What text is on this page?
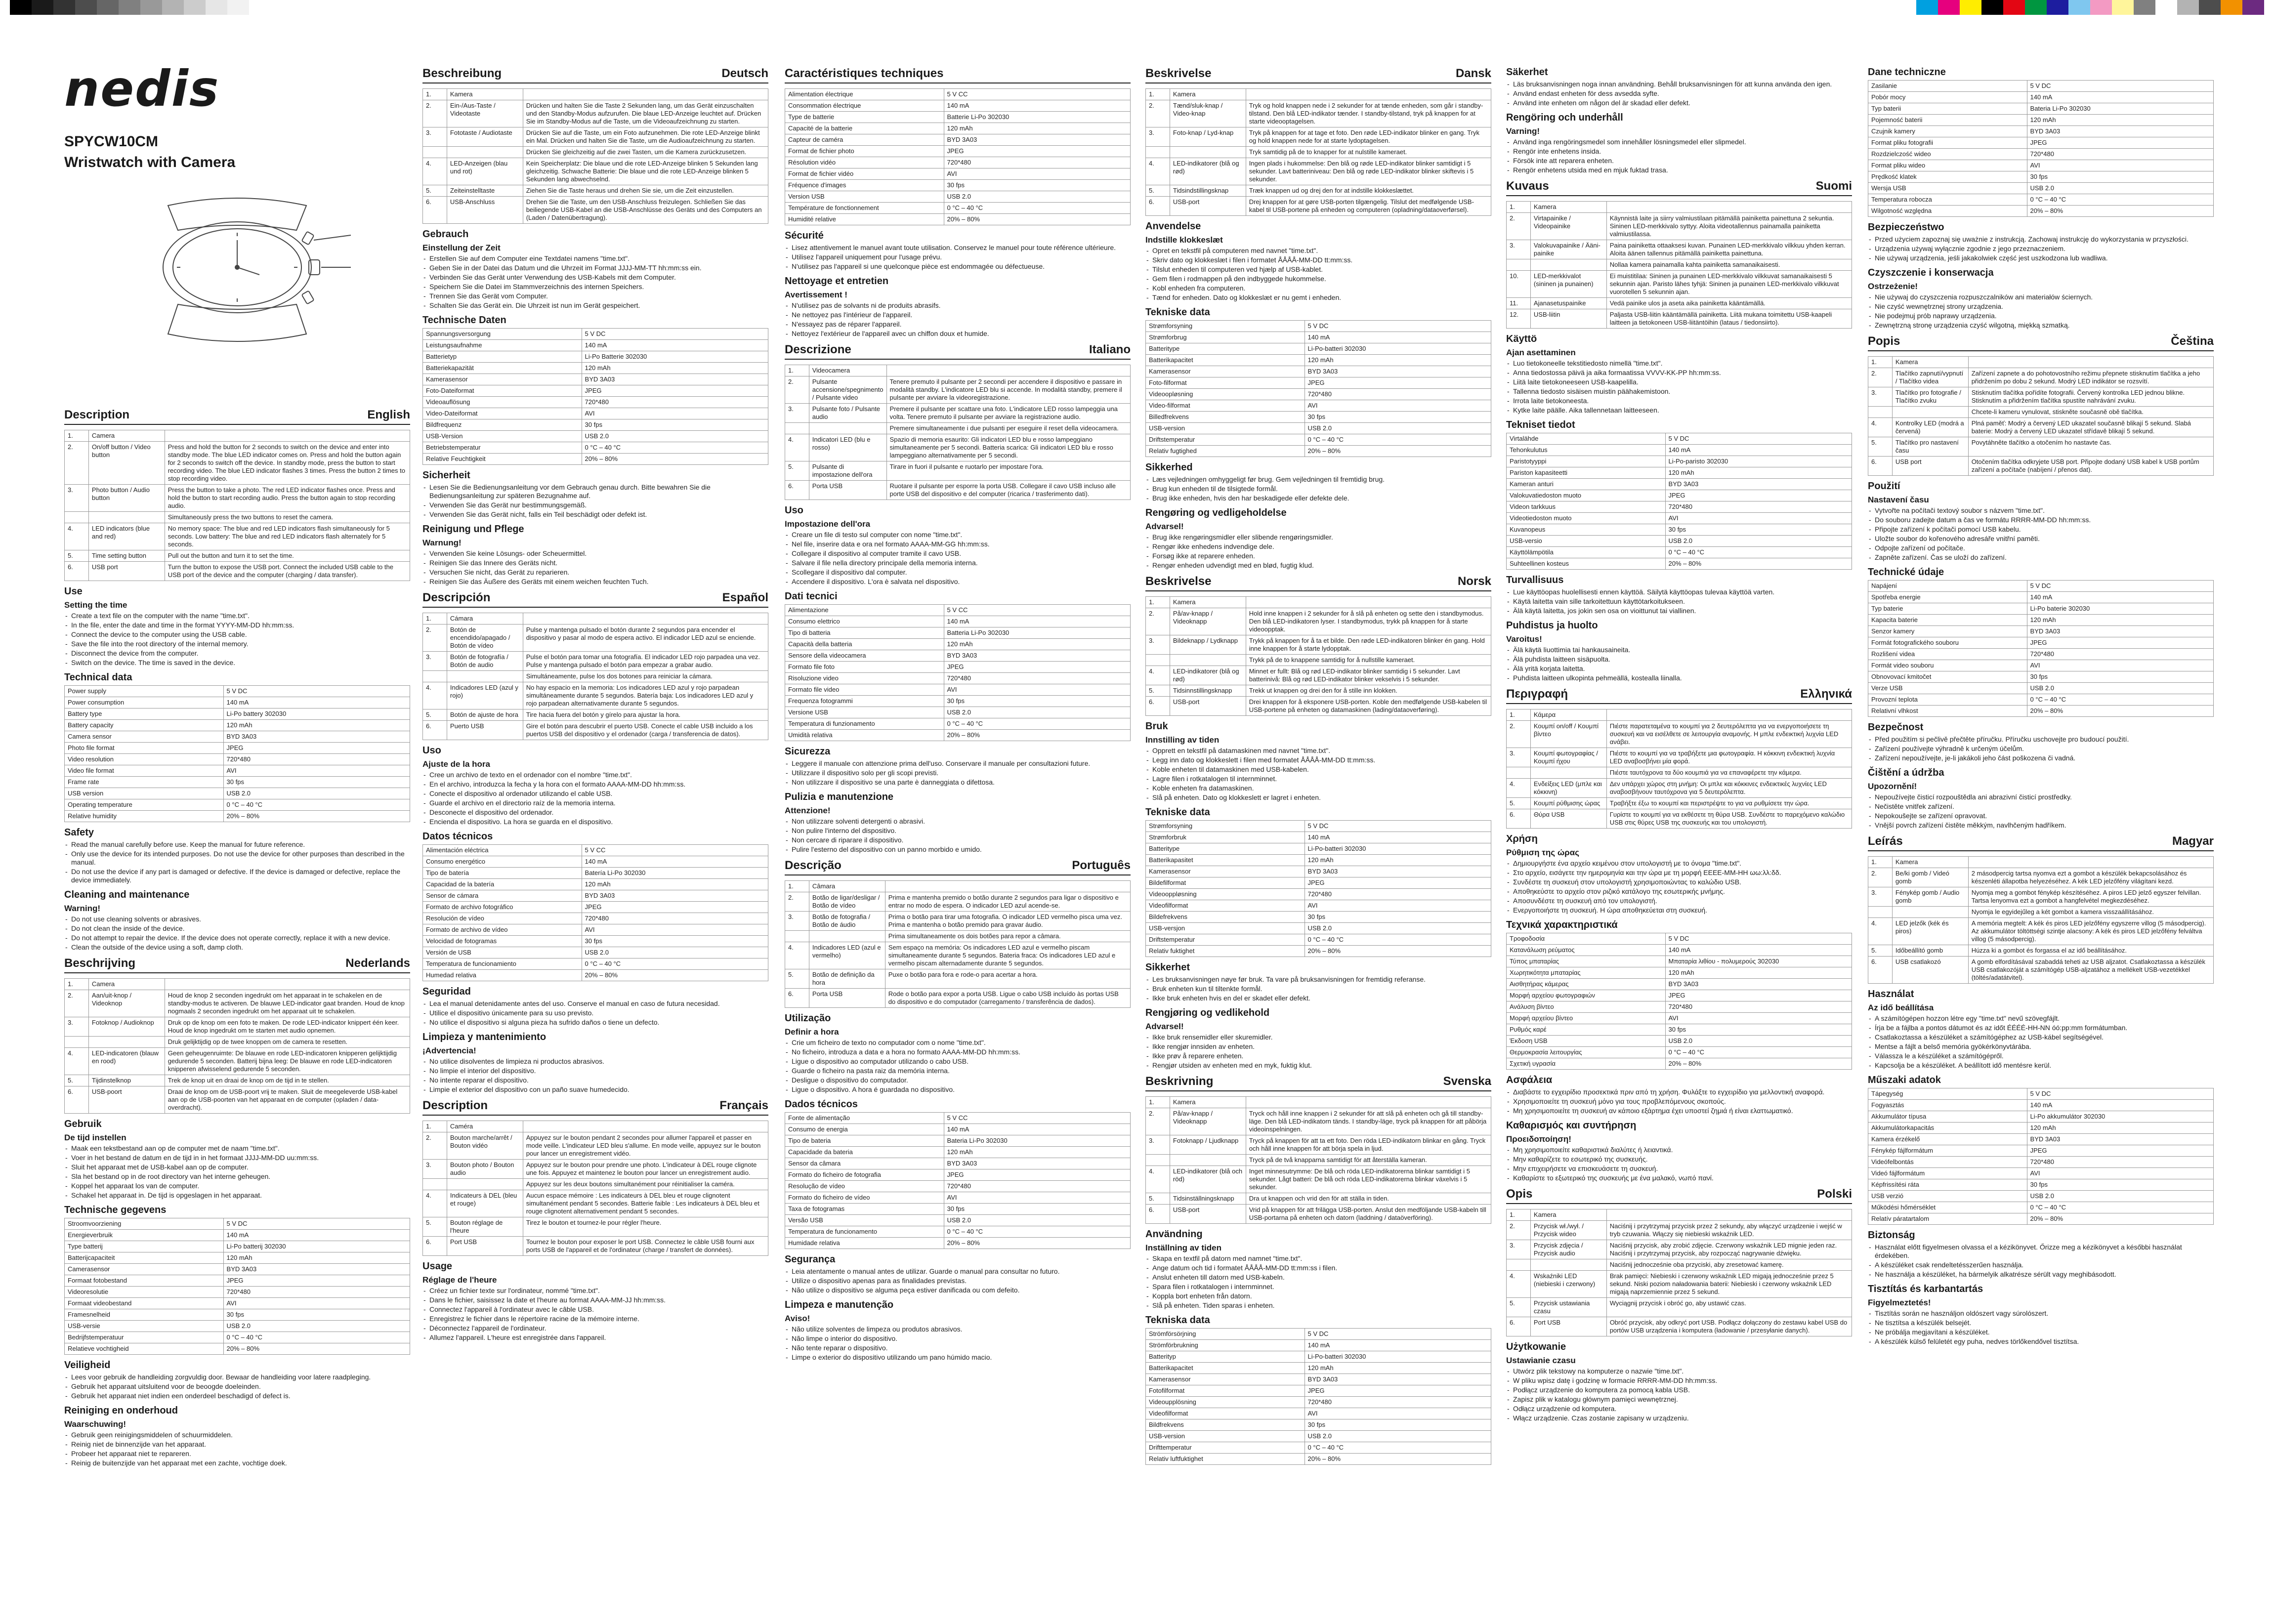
nedis
SPYCW10CM
Wristwatch with Camera
Description	English
1.	Camera	
2.	On/off button / Video button	Press and hold the button for 2 seconds to switch on the device and enter into standby mode. The blue LED indicator comes on. Press and hold the button again for 2 seconds to switch off the device. In standby mode, press the button to start recording video. The blue LED indicator flashes 3 times. Press the button 2 times to stop recording video.
3.	Photo button / Audio button	Press the button to take a photo. The red LED indicator flashes once. Press and hold the button to start recording audio. Press the button again to stop recording audio.
		Simultaneously press the two buttons to reset the camera.
4.	LED indicators (blue and red)	No memory space: The blue and red LED indicators flash simultaneously for 5 seconds. Low battery: The blue and red LED indicators flash alternately for 5 seconds.
5.	Time setting button	Pull out the button and turn it to set the time.
6.	USB port	Turn the button to expose the USB port. Connect the included USB cable to the USB port of the device and the computer (charging / data transfer).
Use
Setting the time
- Create a text file on the computer with the name "time.txt".
- In the file, enter the date and time in the format YYYY-MM-DD hh:mm:ss.
- Connect the device to the computer using the USB cable.
- Save the file into the root directory of the internal memory.
- Disconnect the device from the computer.
- Switch on the device. The time is saved in the device.
Technical data
Power supply	5 V DC
Power consumption	140 mA
Battery type	Li-Po battery 302030
Battery capacity	120 mAh
Camera sensor	BYD 3A03
Photo file format	JPEG
Video resolution	720*480
Video file format	AVI
Frame rate	30 fps
USB version	USB 2.0
Operating temperature	0 °C – 40 °C
Relative humidity	20% – 80%
Safety
- Read the manual carefully before use. Keep the manual for future reference.
- Only use the device for its intended purposes. Do not use the device for other purposes than described in the manual.
- Do not use the device if any part is damaged or defective. If the device is damaged or defective, replace the device immediately.
Cleaning and maintenance
Warning!
- Do not use cleaning solvents or abrasives.
- Do not clean the inside of the device.
- Do not attempt to repair the device. If the device does not operate correctly, replace it with a new device.
- Clean the outside of the device using a soft, damp cloth.
Beschrijving	Nederlands
1.	Camera	
2.	Aan/uit-knop / Videoknop	Houd de knop 2 seconden ingedrukt om het apparaat in te schakelen en de standby-modus te activeren. De blauwe LED-indicator gaat branden. Houd de knop nogmaals 2 seconden ingedrukt om het apparaat uit te schakelen.
3.	Fotoknop / Audioknop	Druk op de knop om een foto te maken. De rode LED-indicator knippert één keer. Houd de knop ingedrukt om te starten met audio opnemen.
		Druk gelijktijdig op de twee knoppen om de camera te resetten.
4.	LED-indicatoren (blauw en rood)	Geen geheugenruimte: De blauwe en rode LED-indicatoren knipperen gelijktijdig gedurende 5 seconden. Batterij bijna leeg: De blauwe en rode LED-indicatoren knipperen afwisselend gedurende 5 seconden.
5.	Tijdinstelknop	Trek de knop uit en draai de knop om de tijd in te stellen.
6.	USB-poort	Draai de knop om de USB-poort vrij te maken. Sluit de meegeleverde USB-kabel aan op de USB-poorten van het apparaat en de computer (opladen / data-overdracht).
Gebruik
De tijd instellen
- Maak een tekstbestand aan op de computer met de naam "time.txt".
- Voer in het bestand de datum en de tijd in in het formaat JJJJ-MM-DD uu:mm:ss.
- Sluit het apparaat met de USB-kabel aan op de computer.
- Sla het bestand op in de root directory van het interne geheugen.
- Koppel het apparaat los van de computer.
- Schakel het apparaat in. De tijd is opgeslagen in het apparaat.
Technische gegevens
Stroomvoorziening	5 V DC
Energieverbruik	140 mA
Type batterij	Li-Po batterij 302030
Batterijcapaciteit	120 mAh
Camerasensor	BYD 3A03
Formaat fotobestand	JPEG
Videoresolutie	720*480
Formaat videobestand	AVI
Framesnelheid	30 fps
USB-versie	USB 2.0
Bedrijfstemperatuur	0 °C – 40 °C
Relatieve vochtigheid	20% – 80%
Veiligheid
- Lees voor gebruik de handleiding zorgvuldig door. Bewaar de handleiding voor latere raadpleging.
- Gebruik het apparaat uitsluitend voor de beoogde doeleinden.
- Gebruik het apparaat niet indien een onderdeel beschadigd of defect is.
Reiniging en onderhoud
Waarschuwing!
- Gebruik geen reinigingsmiddelen of schuurmiddelen.
- Reinig niet de binnenzijde van het apparaat.
- Probeer het apparaat niet te repareren.
- Reinig de buitenzijde van het apparaat met een zachte, vochtige doek.
Beschreibung	Deutsch
1.	Kamera	
2.	Ein-/Aus-Taste / Videotaste	Drücken und halten Sie die Taste 2 Sekunden lang, um das Gerät einzuschalten und den Standby-Modus aufzurufen. Die blaue LED-Anzeige leuchtet auf. Drücken Sie im Standby-Modus auf die Taste, um die Videoaufzeichnung zu starten.
3.	Fototaste / Audiotaste	Drücken Sie auf die Taste, um ein Foto aufzunehmen. Die rote LED-Anzeige blinkt ein Mal. Drücken und halten Sie die Taste, um die Audioaufzeichnung zu starten.
		Drücken Sie gleichzeitig auf die zwei Tasten, um die Kamera zurückzusetzen.
4.	LED-Anzeigen (blau und rot)	Kein Speicherplatz: Die blaue und die rote LED-Anzeige blinken 5 Sekunden lang gleichzeitig. Schwache Batterie: Die blaue und die rote LED-Anzeige blinken 5 Sekunden lang abwechselnd.
5.	Zeiteinstelltaste	Ziehen Sie die Taste heraus und drehen Sie sie, um die Zeit einzustellen.
6.	USB-Anschluss	Drehen Sie die Taste, um den USB-Anschluss freizulegen. Schließen Sie das beiliegende USB-Kabel an die USB-Anschlüsse des Geräts und des Computers an (Laden / Datenübertragung).
Gebrauch
Einstellung der Zeit
- Erstellen Sie auf dem Computer eine Textdatei namens "time.txt".
- Geben Sie in der Datei das Datum und die Uhrzeit im Format JJJJ-MM-TT hh:mm:ss ein.
- Verbinden Sie das Gerät unter Verwendung des USB-Kabels mit dem Computer.
- Speichern Sie die Datei im Stammverzeichnis des internen Speichers.
- Trennen Sie das Gerät vom Computer.
- Schalten Sie das Gerät ein. Die Uhrzeit ist nun im Gerät gespeichert.
Technische Daten
Spannungsversorgung	5 V DC
Leistungsaufnahme	140 mA
Batterietyp	Li-Po Batterie 302030
Batteriekapazität	120 mAh
Kamerasensor	BYD 3A03
Foto-Dateiformat	JPEG
Videoauflösung	720*480
Video-Dateiformat	AVI
Bildfrequenz	30 fps
USB-Version	USB 2.0
Betriebstemperatur	0 °C – 40 °C
Relative Feuchtigkeit	20% – 80%
Sicherheit
- Lesen Sie die Bedienungsanleitung vor dem Gebrauch genau durch. Bitte bewahren Sie die Bedienungsanleitung zur späteren Bezugnahme auf.
- Verwenden Sie das Gerät nur bestimmungsgemäß.
- Verwenden Sie das Gerät nicht, falls ein Teil beschädigt oder defekt ist.
Reinigung und Pflege
Warnung!
- Verwenden Sie keine Lösungs- oder Scheuermittel.
- Reinigen Sie das Innere des Geräts nicht.
- Versuchen Sie nicht, das Gerät zu reparieren.
- Reinigen Sie das Äußere des Geräts mit einem weichen feuchten Tuch.
Descripción	Español
1.	Cámara	
2.	Botón de encendido/apagado / Botón de vídeo	Pulse y mantenga pulsado el botón durante 2 segundos para encender el dispositivo y pasar al modo de espera activo. El indicador LED azul se enciende.
3.	Botón de fotografía / Botón de audio	Pulse el botón para tomar una fotografía. El indicador LED rojo parpadea una vez. Pulse y mantenga pulsado el botón para empezar a grabar audio.
		Simultáneamente, pulse los dos botones para reiniciar la cámara.
4.	Indicadores LED (azul y rojo)	No hay espacio en la memoria: Los indicadores LED azul y rojo parpadean simultáneamente durante 5 segundos. Batería baja: Los indicadores LED azul y rojo parpadean alternativamente durante 5 segundos.
5.	Botón de ajuste de hora	Tire hacia fuera del botón y gírelo para ajustar la hora.
6.	Puerto USB	Gire el botón para descubrir el puerto USB. Conecte el cable USB incluido a los puertos USB del dispositivo y el ordenador (carga / transferencia de datos).
Uso
Ajuste de la hora
- Cree un archivo de texto en el ordenador con el nombre "time.txt".
- En el archivo, introduzca la fecha y la hora con el formato AAAA-MM-DD hh:mm:ss.
- Conecte el dispositivo al ordenador utilizando el cable USB.
- Guarde el archivo en el directorio raíz de la memoria interna.
- Desconecte el dispositivo del ordenador.
- Encienda el dispositivo. La hora se guarda en el dispositivo.
Datos técnicos
Alimentación eléctrica	5 V CC
Consumo energético	140 mA
Tipo de batería	Batería Li-Po 302030
Capacidad de la batería	120 mAh
Sensor de cámara	BYD 3A03
Formato de archivo fotográfico	JPEG
Resolución de vídeo	720*480
Formato de archivo de vídeo	AVI
Velocidad de fotogramas	30 fps
Versión de USB	USB 2.0
Temperatura de funcionamiento	0 °C – 40 °C
Humedad relativa	20% – 80%
Seguridad
- Lea el manual detenidamente antes del uso. Conserve el manual en caso de futura necesidad.
- Utilice el dispositivo únicamente para su uso previsto.
- No utilice el dispositivo si alguna pieza ha sufrido daños o tiene un defecto.
Limpieza y mantenimiento
¡Advertencia!
- No utilice disolventes de limpieza ni productos abrasivos.
- No limpie el interior del dispositivo.
- No intente reparar el dispositivo.
- Limpie el exterior del dispositivo con un paño suave humedecido.
Description	Français
1.	Caméra	
2.	Bouton marche/arrêt / Bouton vidéo	Appuyez sur le bouton pendant 2 secondes pour allumer l'appareil et passer en mode veille. L'indicateur LED bleu s'allume. En mode veille, appuyez sur le bouton pour lancer un enregistrement vidéo.
3.	Bouton photo / Bouton audio	Appuyez sur le bouton pour prendre une photo. L'indicateur à DEL rouge clignote une fois. Appuyez et maintenez le bouton pour lancer un enregistrement audio.
		Appuyez sur les deux boutons simultanément pour réinitialiser la caméra.
4.	Indicateurs à DEL (bleu et rouge)	Aucun espace mémoire : Les indicateurs à DEL bleu et rouge clignotent simultanément pendant 5 secondes. Batterie faible : Les indicateurs à DEL bleu et rouge clignotent alternativement pendant 5 secondes.
5.	Bouton réglage de l'heure	Tirez le bouton et tournez-le pour régler l'heure.
6.	Port USB	Tournez le bouton pour exposer le port USB. Connectez le câble USB fourni aux ports USB de l'appareil et de l'ordinateur (charge / transfert de données).
Usage
Réglage de l'heure
- Créez un fichier texte sur l'ordinateur, nommé "time.txt".
- Dans le fichier, saisissez la date et l'heure au format AAAA-MM-JJ hh:mm:ss.
- Connectez l'appareil à l'ordinateur avec le câble USB.
- Enregistrez le fichier dans le répertoire racine de la mémoire interne.
- Déconnectez l'appareil de l'ordinateur.
- Allumez l'appareil. L'heure est enregistrée dans l'appareil.
Caractéristiques techniques
Alimentation électrique	5 V CC
Consommation électrique	140 mA
Type de batterie	Batterie Li-Po 302030
Capacité de la batterie	120 mAh
Capteur de caméra	BYD 3A03
Format de fichier photo	JPEG
Résolution vidéo	720*480
Format de fichier vidéo	AVI
Fréquence d'images	30 fps
Version USB	USB 2.0
Température de fonctionnement	0 °C – 40 °C
Humidité relative	20% – 80%
Sécurité
- Lisez attentivement le manuel avant toute utilisation. Conservez le manuel pour toute référence ultérieure.
- Utilisez l'appareil uniquement pour l'usage prévu.
- N'utilisez pas l'appareil si une quelconque pièce est endommagée ou défectueuse.
Nettoyage et entretien
Avertissement !
- N'utilisez pas de solvants ni de produits abrasifs.
- Ne nettoyez pas l'intérieur de l'appareil.
- N'essayez pas de réparer l'appareil.
- Nettoyez l'extérieur de l'appareil avec un chiffon doux et humide.
Descrizione	Italiano
1.	Videocamera	
2.	Pulsante accensione/spegnimento / Pulsante video	Tenere premuto il pulsante per 2 secondi per accendere il dispositivo e passare in modalità standby. L'indicatore LED blu si accende. In modalità standby, premere il pulsante per avviare la videoregistrazione.
3.	Pulsante foto / Pulsante audio	Premere il pulsante per scattare una foto. L'indicatore LED rosso lampeggia una volta. Tenere premuto il pulsante per avviare la registrazione audio.
		Premere simultaneamente i due pulsanti per eseguire il reset della videocamera.
4.	Indicatori LED (blu e rosso)	Spazio di memoria esaurito: Gli indicatori LED blu e rosso lampeggiano simultaneamente per 5 secondi. Batteria scarica: Gli indicatori LED blu e rosso lampeggiano alternativamente per 5 secondi.
5.	Pulsante di impostazione dell'ora	Tirare in fuori il pulsante e ruotarlo per impostare l'ora.
6.	Porta USB	Ruotare il pulsante per esporre la porta USB. Collegare il cavo USB incluso alle porte USB del dispositivo e del computer (ricarica / trasferimento dati).
Uso
Impostazione dell'ora
- Creare un file di testo sul computer con nome "time.txt".
- Nel file, inserire data e ora nel formato AAAA-MM-GG hh:mm:ss.
- Collegare il dispositivo al computer tramite il cavo USB.
- Salvare il file nella directory principale della memoria interna.
- Scollegare il dispositivo dal computer.
- Accendere il dispositivo. L'ora è salvata nel dispositivo.
Dati tecnici
Alimentazione	5 V CC
Consumo elettrico	140 mA
Tipo di batteria	Batteria Li-Po 302030
Capacità della batteria	120 mAh
Sensore della videocamera	BYD 3A03
Formato file foto	JPEG
Risoluzione video	720*480
Formato file video	AVI
Frequenza fotogrammi	30 fps
Versione USB	USB 2.0
Temperatura di funzionamento	0 °C – 40 °C
Umidità relativa	20% – 80%
Sicurezza
- Leggere il manuale con attenzione prima dell'uso. Conservare il manuale per consultazioni future.
- Utilizzare il dispositivo solo per gli scopi previsti.
- Non utilizzare il dispositivo se una parte è danneggiata o difettosa.
Pulizia e manutenzione
Attenzione!
- Non utilizzare solventi detergenti o abrasivi.
- Non pulire l'interno del dispositivo.
- Non cercare di riparare il dispositivo.
- Pulire l'esterno del dispositivo con un panno morbido e umido.
Descrição	Português
1.	Câmara	
2.	Botão de ligar/desligar / Botão de vídeo	Prima e mantenha premido o botão durante 2 segundos para ligar o dispositivo e entrar no modo de espera. O indicador LED azul acende-se.
3.	Botão de fotografia / Botão de áudio	Prima o botão para tirar uma fotografia. O indicador LED vermelho pisca uma vez. Prima e mantenha o botão premido para gravar áudio.
		Prima simultaneamente os dois botões para repor a câmara.
4.	Indicadores LED (azul e vermelho)	Sem espaço na memória: Os indicadores LED azul e vermelho piscam simultaneamente durante 5 segundos. Bateria fraca: Os indicadores LED azul e vermelho piscam alternadamente durante 5 segundos.
5.	Botão de definição da hora	Puxe o botão para fora e rode-o para acertar a hora.
6.	Porta USB	Rode o botão para expor a porta USB. Ligue o cabo USB incluído às portas USB do dispositivo e do computador (carregamento / transferência de dados).
Utilização
Definir a hora
- Crie um ficheiro de texto no computador com o nome "time.txt".
- No ficheiro, introduza a data e a hora no formato AAAA-MM-DD hh:mm:ss.
- Ligue o dispositivo ao computador utilizando o cabo USB.
- Guarde o ficheiro na pasta raiz da memória interna.
- Desligue o dispositivo do computador.
- Ligue o dispositivo. A hora é guardada no dispositivo.
Dados técnicos
Fonte de alimentação	5 V CC
Consumo de energia	140 mA
Tipo de bateria	Bateria Li-Po 302030
Capacidade da bateria	120 mAh
Sensor da câmara	BYD 3A03
Formato do ficheiro de fotografia	JPEG
Resolução de vídeo	720*480
Formato do ficheiro de vídeo	AVI
Taxa de fotogramas	30 fps
Versão USB	USB 2.0
Temperatura de funcionamento	0 °C – 40 °C
Humidade relativa	20% – 80%
Segurança
- Leia atentamente o manual antes de utilizar. Guarde o manual para consultar no futuro.
- Utilize o dispositivo apenas para as finalidades previstas.
- Não utilize o dispositivo se alguma peça estiver danificada ou com defeito.
Limpeza e manutenção
Aviso!
- Não utilize solventes de limpeza ou produtos abrasivos.
- Não limpe o interior do dispositivo.
- Não tente reparar o dispositivo.
- Limpe o exterior do dispositivo utilizando um pano húmido macio.
Beskrivelse	Dansk
1.	Kamera	
2.	Tænd/sluk-knap / Video-knap	Tryk og hold knappen nede i 2 sekunder for at tænde enheden, som går i standby-tilstand. Den blå LED-indikator tænder. I standby-tilstand, tryk på knappen for at starte videooptagelsen.
3.	Foto-knap / Lyd-knap	Tryk på knappen for at tage et foto. Den røde LED-indikator blinker en gang. Tryk og hold knappen nede for at starte lydoptagelsen.
		Tryk samtidig på de to knapper for at nulstille kameraet.
4.	LED-indikatorer (blå og rød)	Ingen plads i hukommelse: Den blå og røde LED-indikator blinker samtidigt i 5 sekunder. Lavt batteriniveau: Den blå og røde LED-indikator blinker skiftevis i 5 sekunder.
5.	Tidsindstillingsknap	Træk knappen ud og drej den for at indstille klokkeslættet.
6.	USB-port	Drej knappen for at gøre USB-porten tilgængelig. Tilslut det medfølgende USB-kabel til USB-portene på enheden og computeren (opladning/dataoverførsel).
Anvendelse
Indstille klokkeslæt
- Opret en tekstfil på computeren med navnet "time.txt".
- Skriv dato og klokkeslæt i filen i formatet ÅÅÅÅ-MM-DD tt:mm:ss.
- Tilslut enheden til computeren ved hjælp af USB-kablet.
- Gem filen i rodmappen på den indbyggede hukommelse.
- Kobl enheden fra computeren.
- Tænd for enheden. Dato og klokkeslæt er nu gemt i enheden.
Tekniske data
Strømforsyning	5 V DC
Strømforbrug	140 mA
Batteritype	Li-Po-batteri 302030
Batterikapacitet	120 mAh
Kamerasensor	BYD 3A03
Foto-filformat	JPEG
Videoopløsning	720*480
Video-filformat	AVI
Billedfrekvens	30 fps
USB-version	USB 2.0
Driftstemperatur	0 °C – 40 °C
Relativ fugtighed	20% – 80%
Sikkerhed
- Læs vejledningen omhyggeligt før brug. Gem vejledningen til fremtidig brug.
- Brug kun enheden til de tilsigtede formål.
- Brug ikke enheden, hvis den har beskadigede eller defekte dele.
Rengøring og vedligeholdelse
Advarsel!
- Brug ikke rengøringsmidler eller slibende rengøringsmidler.
- Rengør ikke enhedens indvendige dele.
- Forsøg ikke at reparere enheden.
- Rengør enheden udvendigt med en blød, fugtig klud.
Beskrivelse	Norsk
1.	Kamera	
2.	På/av-knapp / Videoknapp	Hold inne knappen i 2 sekunder for å slå på enheten og sette den i standbymodus. Den blå LED-indikatoren lyser. I standbymodus, trykk på knappen for å starte videoopptak.
3.	Bildeknapp / Lydknapp	Trykk på knappen for å ta et bilde. Den røde LED-indikatoren blinker én gang. Hold inne knappen for å starte lydopptak.
		Trykk på de to knappene samtidig for å nullstille kameraet.
4.	LED-indikatorer (blå og rød)	Minnet er fullt: Blå og rød LED-indikator blinker samtidig i 5 sekunder. Lavt batterinivå: Blå og rød LED-indikator blinker vekselvis i 5 sekunder.
5.	Tidsinnstillingsknapp	Trekk ut knappen og drei den for å stille inn klokken.
6.	USB-port	Drei knappen for å eksponere USB-porten. Koble den medfølgende USB-kabelen til USB-portene på enheten og datamaskinen (lading/dataoverføring).
Bruk
Innstilling av tiden
- Opprett en tekstfil på datamaskinen med navnet "time.txt".
- Legg inn dato og klokkeslett i filen med formatet ÅÅÅÅ-MM-DD tt:mm:ss.
- Koble enheten til datamaskinen med USB-kabelen.
- Lagre filen i rotkatalogen til internminnet.
- Koble enheten fra datamaskinen.
- Slå på enheten. Dato og klokkeslett er lagret i enheten.
Tekniske data
Strømforsyning	5 V DC
Strømforbruk	140 mA
Batteritype	Li-Po-batteri 302030
Batterikapasitet	120 mAh
Kamerasensor	BYD 3A03
Bildefilformat	JPEG
Videooppløsning	720*480
Videofilformat	AVI
Bildefrekvens	30 fps
USB-versjon	USB 2.0
Driftstemperatur	0 °C – 40 °C
Relativ fuktighet	20% – 80%
Sikkerhet
- Les bruksanvisningen nøye før bruk. Ta vare på bruksanvisningen for fremtidig referanse.
- Bruk enheten kun til tiltenkte formål.
- Ikke bruk enheten hvis en del er skadet eller defekt.
Rengjøring og vedlikehold
Advarsel!
- Ikke bruk rensemidler eller skuremidler.
- Ikke rengjør innsiden av enheten.
- Ikke prøv å reparere enheten.
- Rengjør utsiden av enheten med en myk, fuktig klut.
Beskrivning	Svenska
1.	Kamera	
2.	På/av-knapp / Videoknapp	Tryck och håll inne knappen i 2 sekunder för att slå på enheten och gå till standby-läge. Den blå LED-indikatorn tänds. I standby-läge, tryck på knappen för att påbörja videoinspelningen.
3.	Fotoknapp / Ljudknapp	Tryck på knappen för att ta ett foto. Den röda LED-indikatorn blinkar en gång. Tryck och håll inne knappen för att börja spela in ljud.
		Tryck på de två knapparna samtidigt för att återställa kameran.
4.	LED-indikatorer (blå och röd)	Inget minnesutrymme: De blå och röda LED-indikatorerna blinkar samtidigt i 5 sekunder. Lågt batteri: De blå och röda LED-indikatorerna blinkar växelvis i 5 sekunder.
5.	Tidsinställningsknapp	Dra ut knappen och vrid den för att ställa in tiden.
6.	USB-port	Vrid på knappen för att frilägga USB-porten. Anslut den medföljande USB-kabeln till USB-portarna på enheten och datorn (laddning / dataöverföring).
Användning
Inställning av tiden
- Skapa en textfil på datorn med namnet "time.txt".
- Ange datum och tid i formatet ÅÅÅÅ-MM-DD tt:mm:ss i filen.
- Anslut enheten till datorn med USB-kabeln.
- Spara filen i rotkatalogen i internminnet.
- Koppla bort enheten från datorn.
- Slå på enheten. Tiden sparas i enheten.
Tekniska data
Strömförsörjning	5 V DC
Strömförbrukning	140 mA
Batterityp	Li-Po-batteri 302030
Batterikapacitet	120 mAh
Kamerasensor	BYD 3A03
Fotofilformat	JPEG
Videoupplösning	720*480
Videofilformat	AVI
Bildfrekvens	30 fps
USB-version	USB 2.0
Drifttemperatur	0 °C – 40 °C
Relativ luftfuktighet	20% – 80%
Säkerhet
- Läs bruksanvisningen noga innan användning. Behåll bruksanvisningen för att kunna använda den igen.
- Använd endast enheten för dess avsedda syfte.
- Använd inte enheten om någon del är skadad eller defekt.
Rengöring och underhåll
Varning!
- Använd inga rengöringsmedel som innehåller lösningsmedel eller slipmedel.
- Rengör inte enhetens insida.
- Försök inte att reparera enheten.
- Rengör enhetens utsida med en mjuk fuktad trasa.
Kuvaus	Suomi
1.	Kamera	
2.	Virtapainike / Videopainike	Käynnistä laite ja siirry valmiustilaan pitämällä painiketta painettuna 2 sekuntia. Sininen LED-merkkivalo syttyy. Aloita videotallennus painamalla painiketta valmiustilassa.
3.	Valokuvapainike / Äänipainike	Paina painiketta ottaaksesi kuvan. Punainen LED-merkkivalo vilkkuu yhden kerran. Aloita äänen tallennus pitämällä painiketta painettuna.
		Nollaa kamera painamalla kahta painiketta samanaikaisesti.
10.	LED-merkkivalot (sininen ja punainen)	Ei muistitilaa: Sininen ja punainen LED-merkkivalo vilkkuvat samanaikaisesti 5 sekunnin ajan. Paristo lähes tyhjä: Sininen ja punainen LED-merkkivalo vilkkuvat vuorotellen 5 sekunnin ajan.
11.	Ajanasetuspainike	Vedä painike ulos ja aseta aika painiketta kääntämällä.
12.	USB-liitin	Paljasta USB-liitin kääntämällä painiketta. Liitä mukana toimitettu USB-kaapeli laitteen ja tietokoneen USB-liitäntöihin (lataus / tiedonsiirto).
Käyttö
Ajan asettaminen
- Luo tietokoneelle tekstitiedosto nimellä "time.txt".
- Anna tiedostossa päivä ja aika formaatissa VVVV-KK-PP hh:mm:ss.
- Liitä laite tietokoneeseen USB-kaapelilla.
- Tallenna tiedosto sisäisen muistin päähakemistoon.
- Irrota laite tietokoneesta.
- Kytke laite päälle. Aika tallennetaan laitteeseen.
Tekniset tiedot
Virtalähde	5 V DC
Tehonkulutus	140 mA
Paristotyyppi	Li-Po-paristo 302030
Pariston kapasiteetti	120 mAh
Kameran anturi	BYD 3A03
Valokuvatiedoston muoto	JPEG
Videon tarkkuus	720*480
Videotiedoston muoto	AVI
Kuvanopeus	30 fps
USB-versio	USB 2.0
Käyttölämpötila	0 °C – 40 °C
Suhteellinen kosteus	20% – 80%
Turvallisuus
- Lue käyttöopas huolellisesti ennen käyttöä. Säilytä käyttöopas tulevaa käyttöä varten.
- Käytä laitetta vain sille tarkoitettuun käyttötarkoitukseen.
- Älä käytä laitetta, jos jokin sen osa on vioittunut tai viallinen.
Puhdistus ja huolto
Varoitus!
- Älä käytä liuottimia tai hankausaineita.
- Älä puhdista laitteen sisäpuolta.
- Älä yritä korjata laitetta.
- Puhdista laitteen ulkopinta pehmeällä, kostealla liinalla.
Περιγραφή	Ελληνικά
1.	Κάμερα	
2.	Κουμπί on/off / Κουμπί βίντεο	Πιέστε παρατεταμένα το κουμπί για 2 δευτερόλεπτα για να ενεργοποιήσετε τη συσκευή και να εισέλθετε σε λειτουργία αναμονής. Η μπλε ενδεικτική λυχνία LED ανάβει.
3.	Κουμπί φωτογραφίας / Κουμπί ήχου	Πιέστε το κουμπί για να τραβήξετε μια φωτογραφία. Η κόκκινη ενδεικτική λυχνία LED αναβοσβήνει μία φορά.
		Πιέστε ταυτόχρονα τα δύο κουμπιά για να επαναφέρετε την κάμερα.
4.	Ενδείξεις LED (μπλε και κόκκινη)	Δεν υπάρχει χώρος στη μνήμη: Οι μπλε και κόκκινες ενδεικτικές λυχνίες LED αναβοσβήνουν ταυτόχρονα για 5 δευτερόλεπτα.
5.	Κουμπί ρύθμισης ώρας	Τραβήξτε έξω το κουμπί και περιστρέψτε το για να ρυθμίσετε την ώρα.
6.	Θύρα USB	Γυρίστε το κουμπί για να εκθέσετε τη θύρα USB. Συνδέστε το παρεχόμενο καλώδιο USB στις θύρες USB της συσκευής και του υπολογιστή.
Χρήση
Ρύθμιση της ώρας
- Δημιουργήστε ένα αρχείο κειμένου στον υπολογιστή με το όνομα "time.txt".
- Στο αρχείο, εισάγετε την ημερομηνία και την ώρα με τη μορφή ΕΕΕΕ-ΜΜ-ΗΗ ωω:λλ:δδ.
- Συνδέστε τη συσκευή στον υπολογιστή χρησιμοποιώντας το καλώδιο USB.
- Αποθηκεύστε το αρχείο στον ριζικό κατάλογο της εσωτερικής μνήμης.
- Αποσυνδέστε τη συσκευή από τον υπολογιστή.
- Ενεργοποιήστε τη συσκευή. Η ώρα αποθηκεύεται στη συσκευή.
Τεχνικά χαρακτηριστικά
Τροφοδοσία	5 V DC
Κατανάλωση ρεύματος	140 mA
Τύπος μπαταρίας	Μπαταρία λιθίου - πολυμερούς 302030
Χωρητικότητα μπαταρίας	120 mAh
Αισθητήρας κάμερας	BYD 3A03
Μορφή αρχείου φωτογραφιών	JPEG
Ανάλυση βίντεο	720*480
Μορφή αρχείου βίντεο	AVI
Ρυθμός καρέ	30 fps
Έκδοση USB	USB 2.0
Θερμοκρασία λειτουργίας	0 °C – 40 °C
Σχετική υγρασία	20% – 80%
Ασφάλεια
- Διαβάστε το εγχειρίδιο προσεκτικά πριν από τη χρήση. Φυλάξτε το εγχειρίδιο για μελλοντική αναφορά.
- Χρησιμοποιείτε τη συσκευή μόνο για τους προβλεπόμενους σκοπούς.
- Μη χρησιμοποιείτε τη συσκευή αν κάποιο εξάρτημα έχει υποστεί ζημιά ή είναι ελαττωματικό.
Καθαρισμός και συντήρηση
Προειδοποίηση!
- Μη χρησιμοποιείτε καθαριστικά διαλύτες ή λειαντικά.
- Μην καθαρίζετε το εσωτερικό της συσκευής.
- Μην επιχειρήσετε να επισκευάσετε τη συσκευή.
- Καθαρίστε το εξωτερικό της συσκευής με ένα μαλακό, νωπό πανί.
Opis	Polski
1.	Kamera	
2.	Przycisk wł./wył. / Przycisk wideo	Naciśnij i przytrzymaj przycisk przez 2 sekundy, aby włączyć urządzenie i wejść w tryb czuwania. Włączy się niebieski wskaźnik LED.
3.	Przycisk zdjęcia / Przycisk audio	Naciśnij przycisk, aby zrobić zdjęcie. Czerwony wskaźnik LED mignie jeden raz. Naciśnij i przytrzymaj przycisk, aby rozpocząć nagrywanie dźwięku.
		Naciśnij jednocześnie oba przyciski, aby zresetować kamerę.
4.	Wskaźniki LED (niebieski i czerwony)	Brak pamięci: Niebieski i czerwony wskaźnik LED migają jednocześnie przez 5 sekund. Niski poziom naładowania baterii: Niebieski i czerwony wskaźnik LED migają naprzemiennie przez 5 sekund.
5.	Przycisk ustawiania czasu	Wyciągnij przycisk i obróć go, aby ustawić czas.
6.	Port USB	Obróć przycisk, aby odkryć port USB. Podłącz dołączony do zestawu kabel USB do portów USB urządzenia i komputera (ładowanie / przesyłanie danych).
Użytkowanie
Ustawianie czasu
- Utwórz plik tekstowy na komputerze o nazwie "time.txt".
- W pliku wpisz datę i godzinę w formacie RRRR-MM-DD hh:mm:ss.
- Podłącz urządzenie do komputera za pomocą kabla USB.
- Zapisz plik w katalogu głównym pamięci wewnętrznej.
- Odłącz urządzenie od komputera.
- Włącz urządzenie. Czas zostanie zapisany w urządzeniu.
Dane techniczne
Zasilanie	5 V DC
Pobór mocy	140 mA
Typ baterii	Bateria Li-Po 302030
Pojemność baterii	120 mAh
Czujnik kamery	BYD 3A03
Format pliku fotografii	JPEG
Rozdzielczość wideo	720*480
Format pliku wideo	AVI
Prędkość klatek	30 fps
Wersja USB	USB 2.0
Temperatura robocza	0 °C – 40 °C
Wilgotność względna	20% – 80%
Bezpieczeństwo
- Przed użyciem zapoznaj się uważnie z instrukcją. Zachowaj instrukcję do wykorzystania w przyszłości.
- Urządzenia używaj wyłącznie zgodnie z jego przeznaczeniem.
- Nie używaj urządzenia, jeśli jakakolwiek część jest uszkodzona lub wadliwa.
Czyszczenie i konserwacja
Ostrzeżenie!
- Nie używaj do czyszczenia rozpuszczalników ani materiałów ściernych.
- Nie czyść wewnętrznej strony urządzenia.
- Nie podejmuj prób naprawy urządzenia.
- Zewnętrzną stronę urządzenia czyść wilgotną, miękką szmatką.
Popis	Čeština
1.	Kamera	
2.	Tlačítko zapnutí/vypnutí / Tlačítko videa	Zařízení zapnete a do pohotovostního režimu přepnete stisknutím tlačítka a jeho přidržením po dobu 2 sekund. Modrý LED indikátor se rozsvítí.
3.	Tlačítko pro fotografie / Tlačítko zvuku	Stisknutím tlačítka pořídíte fotografii. Červený kontrolka LED jednou blikne. Stisknutím a přidržením tlačítka spustíte nahrávání zvuku.
		Chcete-li kameru vynulovat, stiskněte současně obě tlačítka.
4.	Kontrolky LED (modrá a červená)	Plná paměť: Modrý a červený LED ukazatel současně blikají 5 sekund. Slabá baterie: Modrý a červený LED ukazatel střídavě blikají 5 sekund.
5.	Tlačítko pro nastavení času	Povytáhněte tlačítko a otočením ho nastavte čas.
6.	USB port	Otočením tlačítka odkryjete USB port. Připojte dodaný USB kabel k USB portům zařízení a počítače (nabíjení / přenos dat).
Použití
Nastavení času
- Vytvořte na počítači textový soubor s názvem "time.txt".
- Do souboru zadejte datum a čas ve formátu RRRR-MM-DD hh:mm:ss.
- Připojte zařízení k počítači pomocí USB kabelu.
- Uložte soubor do kořenového adresáře vnitřní paměti.
- Odpojte zařízení od počítače.
- Zapněte zařízení. Čas se uloží do zařízení.
Technické údaje
Napájení	5 V DC
Spotřeba energie	140 mA
Typ baterie	Li-Po baterie 302030
Kapacita baterie	120 mAh
Senzor kamery	BYD 3A03
Formát fotografického souboru	JPEG
Rozlišení videa	720*480
Formát video souboru	AVI
Obnovovací kmitočet	30 fps
Verze USB	USB 2.0
Provozní teplota	0 °C – 40 °C
Relativní vlhkost	20% – 80%
Bezpečnost
- Před použitím si pečlivě přečtěte příručku. Příručku uschovejte pro budoucí použití.
- Zařízení používejte výhradně k určeným účelům.
- Zařízení nepoužívejte, je-li jakákoli jeho část poškozena či vadná.
Čištění a údržba
Upozornění!
- Nepoužívejte čisticí rozpouštědla ani abrazivní čisticí prostředky.
- Nečistěte vnitřek zařízení.
- Nepokoušejte se zařízení opravovat.
- Vnější povrch zařízení čistěte měkkým, navlhčeným hadříkem.
Leírás	Magyar
1.	Kamera	
2.	Be/ki gomb / Videó gomb	2 másodpercig tartsa nyomva ezt a gombot a készülék bekapcsolásához és készenléti állapotba helyezéséhez. A kék LED jelzőfény világítani kezd.
3.	Fénykép gomb / Audio gomb	Nyomja meg a gombot fénykép készítéséhez. A piros LED jelző egyszer felvillan. Tartsa lenyomva ezt a gombot a hangfelvétel megkezdéséhez.
		Nyomja le egyidejűleg a két gombot a kamera visszaállításához.
4.	LED jelzők (kék és piros)	A memória megtelt: A kék és piros LED jelzőfény egyszerre villog (5 másodpercig). Az akkumulátor töltöttségi szintje alacsony: A kék és piros LED jelzőfény felváltva villog (5 másodpercig).
5.	Időbeállító gomb	Húzza ki a gombot és forgassa el az idő beállításához.
6.	USB csatlakozó	A gomb elfordításával szabaddá teheti az USB aljzatot. Csatlakoztassa a készülék USB csatlakozóját a számítógép USB-aljzatához a mellékelt USB-vezetékkel (töltés/adatátvitel).
Használat
Az idő beállítása
- A számítógépen hozzon létre egy "time.txt" nevű szövegfájlt.
- Írja be a fájlba a pontos dátumot és az időt ÉÉÉÉ-HH-NN óó:pp:mm formátumban.
- Csatlakoztassa a készüléket a számítógéphez az USB-kábel segítségével.
- Mentse a fájlt a belső memória gyökérkönyvtárába.
- Válassza le a készüléket a számítógépről.
- Kapcsolja be a készüléket. A beállított idő mentésre kerül.
Műszaki adatok
Tápegység	5 V DC
Fogyasztás	140 mA
Akkumulátor típusa	Li-Po akkumulátor 302030
Akkumulátorkapacitás	120 mAh
Kamera érzékelő	BYD 3A03
Fénykép fájlformátum	JPEG
Videófelbontás	720*480
Videó fájlformátum	AVI
Képfrissítési ráta	30 fps
USB verzió	USB 2.0
Működési hőmérséklet	0 °C – 40 °C
Relatív páratartalom	20% – 80%
Biztonság
- Használat előtt figyelmesen olvassa el a kézikönyvet. Őrizze meg a kézikönyvet a későbbi használat érdekében.
- A készüléket csak rendeltetésszerűen használja.
- Ne használja a készüléket, ha bármelyik alkatrésze sérült vagy meghibásodott.
Tisztítás és karbantartás
Figyelmeztetés!
- Tisztítás során ne használjon oldószert vagy súrolószert.
- Ne tisztítsa a készülék belsejét.
- Ne próbálja megjavítani a készüléket.
- A készülék külső felületét egy puha, nedves törlőkendővel tisztítsa.
